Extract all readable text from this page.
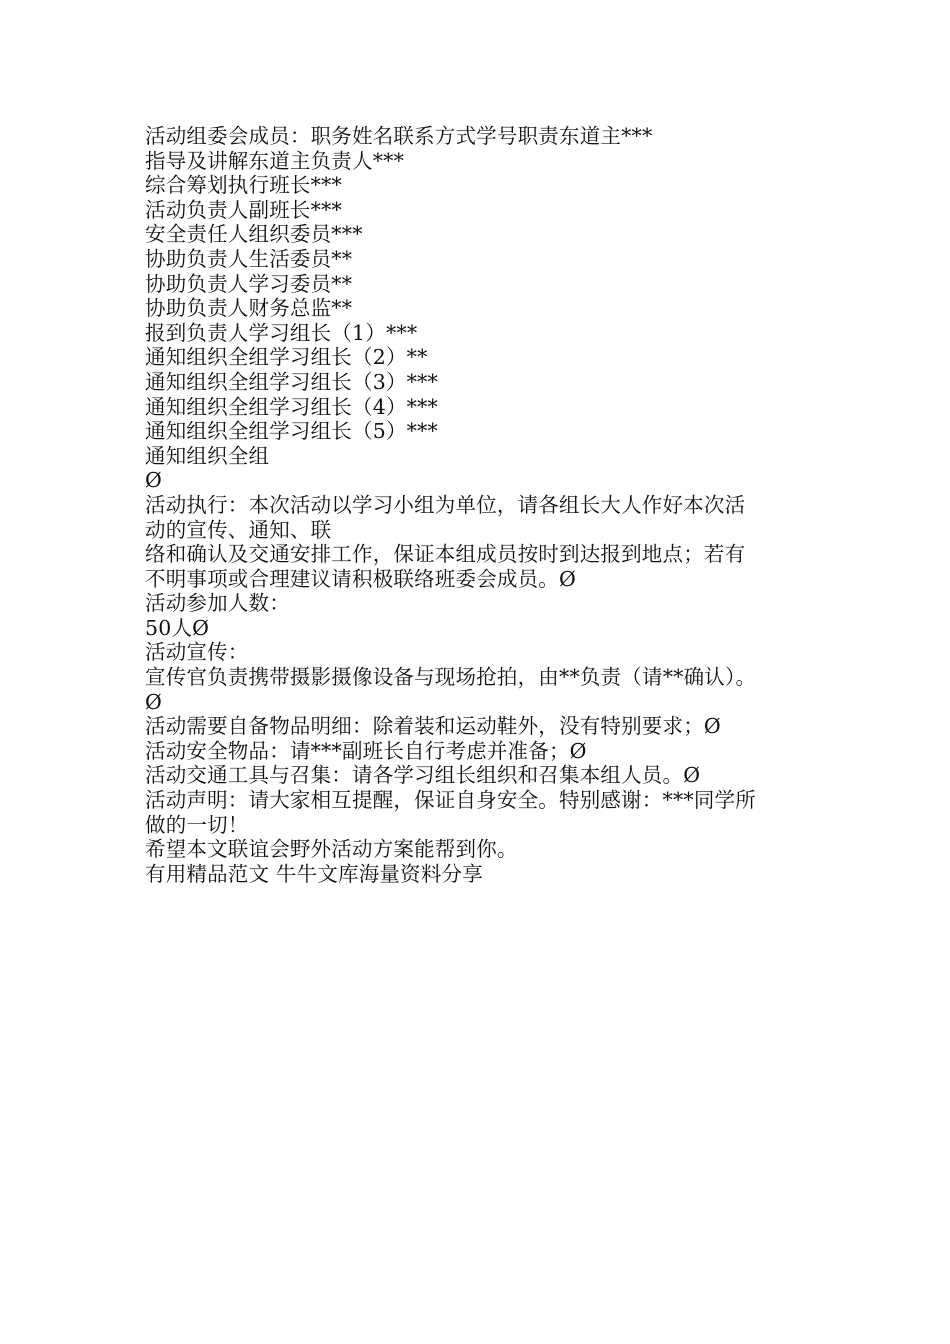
活动组委会成员：职务姓名联系方式学号职责东道主***
指导及讲解东道主负责人***
综合筹划执行班长***
活动负责人副班长***
安全责任人组织委员***
协助负责人生活委员**
协助负责人学习委员**
协助负责人财务总监**
报到负责人学习组长（1）***
通知组织全组学习组长（2）**
通知组织全组学习组长（3）***
通知组织全组学习组长（4）***
通知组织全组学习组长（5）***
通知组织全组
Ø
活动执行：本次活动以学习小组为单位，请各组长大人作好本次活
动的宣传、通知、联
络和确认及交通安排工作，保证本组成员按时到达报到地点；若有
不明事项或合理建议请积极联络班委会成员。Ø
活动参加人数：
50人Ø
活动宣传：
宣传官负责携带摄影摄像设备与现场抢拍，由**负责（请**确认）。
Ø
活动需要自备物品明细：除着装和运动鞋外，没有特别要求；Ø
活动安全物品：请***副班长自行考虑并准备；Ø
活动交通工具与召集：请各学习组长组织和召集本组人员。Ø
活动声明：请大家相互提醒，保证自身安全。特别感谢：***同学所
做的一切！
希望本文联谊会野外活动方案能帮到你。
有用精品范文 牛牛文库海量资料分享
